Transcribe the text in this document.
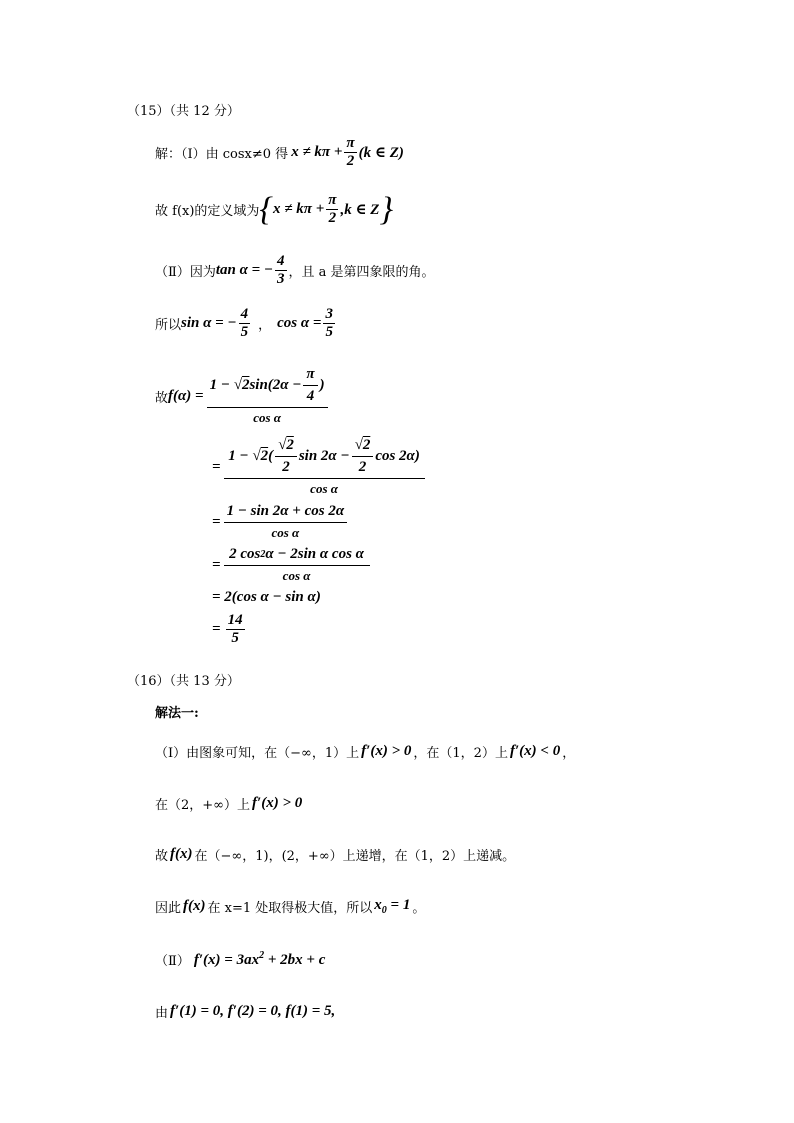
（15）（共 12 分）
解：（Ⅰ）由 cosx≠0 得 $x \ne k\pi + \frac{\pi}{2} (k$ ∈ Z)
故 f(x)的定义域为 { $x \ne k\pi + \frac{\pi}{2} ,k$ ∈ Z }
（Ⅱ）因为 tan α = − $\frac{4}{3}$ ，且 a 是第四象限的角。
所以 sin α = − $\frac{4}{5}$ ， $\cos \alpha = \frac{3}{5}$
故 $f(\alpha) = \frac{1 - √ 2 \sin(2\alpha - \frac{\pi}{4} )}{\text{cos α}}$
= $\frac{1 - √ 2 ( \frac{√ 2}{2} \sin 2\alpha - \frac{√ 2}{2} \cos 2\alpha)}{\text{cos α}}$
= $\frac{1 - \sin 2\alpha + \cos 2\alpha}{\text{cos α}}$
= $\frac{\text{2 cos 2 α − 2sin α cos α}}{\text{cos α}}$
= 2(cos α − sin α)
= $\frac{14}{5}$
（16）（共 13 分）
解法一:
（Ⅰ）由图象可知，在（−∞，1）上 f′(x) > 0 ，在（1，2）上 f′(x) < 0 ，
在（2，+∞）上 f′(x) > 0
故 f(x) 在（−∞，1)，(2，+∞）上递增，在（1，2）上递减。
因此 f(x) 在 x=1 处取得极大值，所以 $x_0 = 1$ 。
（Ⅱ） $f'(x) = 3ax^2 + 2bx + c$
由 f′(1) = 0, f′(2) = 0, f(1) = 5,
